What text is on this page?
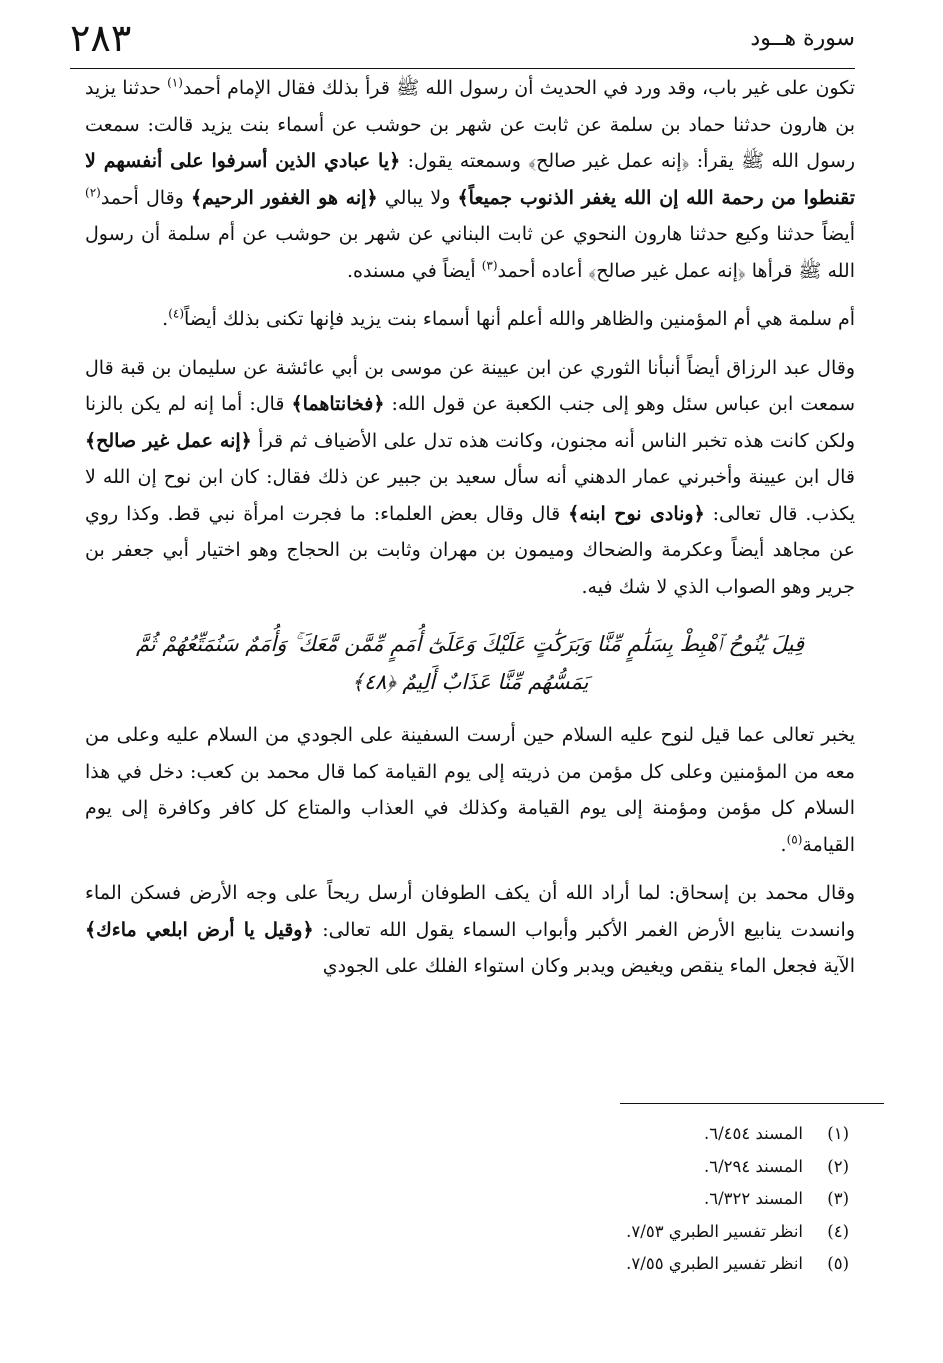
سورة هــود
٢٨٣

تكون على غير باب، وقد ورد في الحديث أن رسول الله ﷺ قرأ بذلك فقال الإمام أحمد$^{(١)}$ حدثنا يزيد بن هارون حدثنا حماد بن سلمة عن ثابت عن شهر بن حوشب عن أسماء بنت يزيد قالت: سمعت رسول الله ﷺ يقرأ: ﴿إنه عمل غير صالح﴾ وسمعته يقول: ﴿يا عبادي الذين أسرفوا على أنفسهم لا تقنطوا من رحمة الله إن الله يغفر الذنوب جميعاً﴾ ولا يبالي ﴿إنه هو الغفور الرحيم﴾ وقال أحمد$^{(٢)}$ أيضاً حدثنا وكيع حدثنا هارون النحوي عن ثابت البناني عن شهر بن حوشب عن أم سلمة أن رسول الله ﷺ قرأها ﴿إنه عمل غير صالح﴾ أعاده أحمد$^{(٣)}$ أيضاً في مسنده.

أم سلمة هي أم المؤمنين والظاهر والله أعلم أنها أسماء بنت يزيد فإنها تكنى بذلك أيضاً$^{(٤)}$.

وقال عبد الرزاق أيضاً أنبأنا الثوري عن ابن عيينة عن موسى بن أبي عائشة عن سليمان بن قبة قال سمعت ابن عباس سئل وهو إلى جنب الكعبة عن قول الله: ﴿فخانتاهما﴾ قال: أما إنه لم يكن بالزنا ولكن كانت هذه تخبر الناس أنه مجنون، وكانت هذه تدل على الأضياف ثم قرأ ﴿إنه عمل غير صالح﴾ قال ابن عيينة وأخبرني عمار الدهني أنه سأل سعيد بن جبير عن ذلك فقال: كان ابن نوح إن الله لا يكذب. قال تعالى: ﴿ونادى نوح ابنه﴾ قال وقال بعض العلماء: ما فجرت امرأة نبي قط. وكذا روي عن مجاهد أيضاً وعكرمة والضحاك وميمون بن مهران وثابت بن الحجاج وهو اختيار أبي جعفر بن جرير وهو الصواب الذي لا شك فيه.

قِيلَ يَٰنُوحُ ٱهْبِطْ بِسَلَٰمٍ مِّنَّا وَبَرَكَٰتٍ عَلَيْكَ وَعَلَىٰٓ أُمَمٍ مِّمَّن مَّعَكَ ۚ وَأُمَمٌ سَنُمَتِّعُهُمْ ثُمَّ يَمَسُّهُم مِّنَّا عَذَابٌ أَلِيمٌ ﴿٤٨﴾

يخبر تعالى عما قيل لنوح عليه السلام حين أرست السفينة على الجودي من السلام عليه وعلى من معه من المؤمنين وعلى كل مؤمن من ذريته إلى يوم القيامة كما قال محمد بن كعب: دخل في هذا السلام كل مؤمن ومؤمنة إلى يوم القيامة وكذلك في العذاب والمتاع كل كافر وكافرة إلى يوم القيامة$^{(٥)}$.

وقال محمد بن إسحاق: لما أراد الله أن يكف الطوفان أرسل ريحاً على وجه الأرض فسكن الماء وانسدت ينابيع الأرض الغمر الأكبر وأبواب السماء يقول الله تعالى: ﴿وقيل يا أرض ابلعي ماءك﴾ الآية فجعل الماء ينقص ويغيض ويدبر وكان استواء الفلك على الجودي

(١)المسند ٦/٤٥٤.
(٢)المسند ٦/٢٩٤.
(٣)المسند ٦/٣٢٢.
(٤)انظر تفسير الطبري ٧/٥٣.
(٥)انظر تفسير الطبري ٧/٥٥.
